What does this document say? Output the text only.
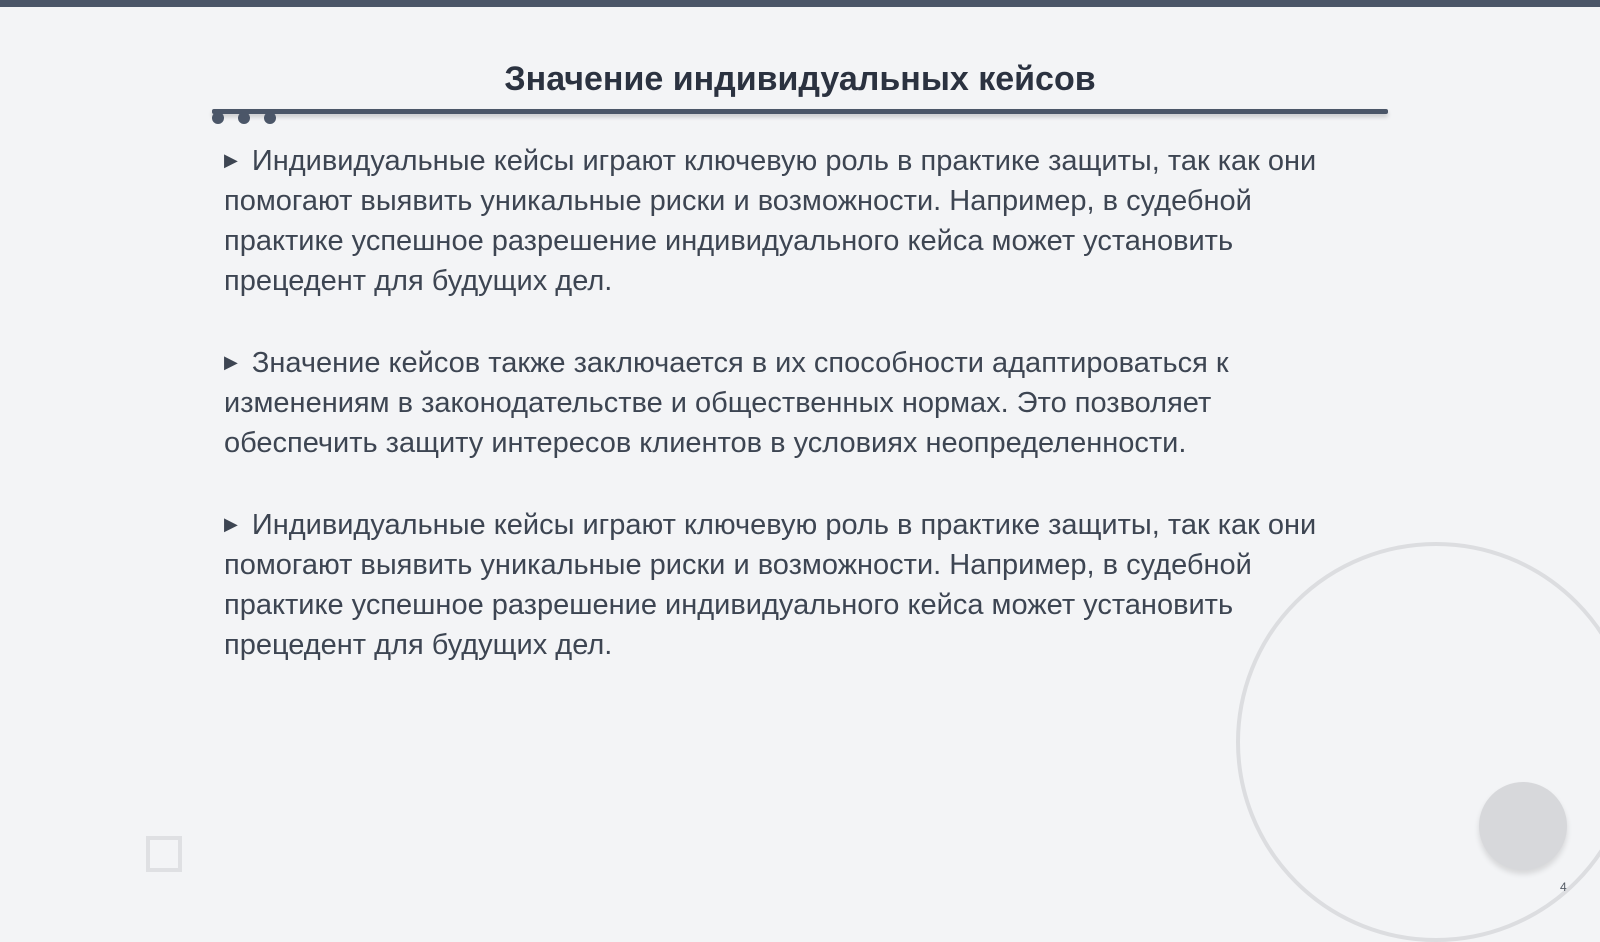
Значение индивидуальных кейсов

▶ Индивидуальные кейсы играют ключевую роль в практике защиты, так как они помогают выявить уникальные риски и возможности. Например, в судебной практике успешное разрешение индивидуального кейса может установить прецедент для будущих дел.

▶ Значение кейсов также заключается в их способности адаптироваться к изменениям в законодательстве и общественных нормах. Это позволяет обеспечить защиту интересов клиентов в условиях неопределенности.

▶ Индивидуальные кейсы играют ключевую роль в практике защиты, так как они помогают выявить уникальные риски и возможности. Например, в судебной практике успешное разрешение индивидуального кейса может установить прецедент для будущих дел.

4
